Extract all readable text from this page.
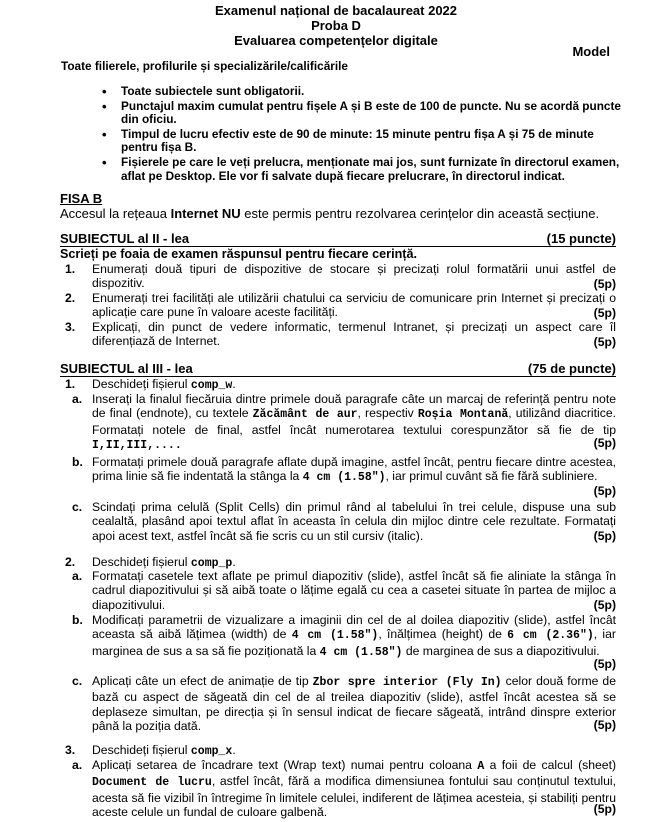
Examenul național de bacalaureat 2022
Proba D
Evaluarea competențelor digitale
Model
Toate filierele, profilurile și specializările/calificările
• Toate subiectele sunt obligatorii.
• Punctajul maxim cumulat pentru fișele A și B este de 100 de puncte. Nu se acordă puncte din oficiu.
• Timpul de lucru efectiv este de 90 de minute: 15 minute pentru fișa A și 75 de minute pentru fișa B.
• Fișierele pe care le veți prelucra, menționate mai jos, sunt furnizate în directorul examen, aflat pe Desktop. Ele vor fi salvate după fiecare prelucrare, în directorul indicat.
FISA B
Accesul la rețeaua Internet NU este permis pentru rezolvarea cerințelor din această secțiune.
SUBIECTUL al II - lea	(15 puncte)
Scrieți pe foaia de examen răspunsul pentru fiecare cerință.
1. Enumerați două tipuri de dispozitive de stocare și precizați rolul formatării unui astfel de dispozitiv.	(5p)
2. Enumerați trei facilități ale utilizării chatului ca serviciu de comunicare prin Internet și precizați o aplicație care pune în valoare aceste facilități.	(5p)
3. Explicați, din punct de vedere informatic, termenul Intranet, și precizați un aspect care îl diferențiază de Internet.	(5p)
SUBIECTUL al III - lea	(75 de puncte)
1. Deschideți fișierul comp_w.
a. Inserați la finalul fiecăruia dintre primele două paragrafe câte un marcaj de referință pentru note de final (endnote), cu textele Zăcământ de aur, respectiv Roșia Montană, utilizând diacritice. Formatați notele de final, astfel încât numerotarea textului corespunzător să fie de tip I,II,III,....	(5p)
b. Formatați primele două paragrafe aflate după imagine, astfel încât, pentru fiecare dintre acestea, prima linie să fie indentată la stânga la 4 cm (1.58″), iar primul cuvânt să fie fără subliniere.
(5p)
c. Scindați prima celulă (Split Cells) din primul rând al tabelului în trei celule, dispuse una sub cealaltă, plasând apoi textul aflat în aceasta în celula din mijloc dintre cele rezultate. Formatați apoi acest text, astfel încât să fie scris cu un stil cursiv (italic).	(5p)
2. Deschideți fișierul comp_p.
a. Formatați casetele text aflate pe primul diapozitiv (slide), astfel încât să fie aliniate la stânga în cadrul diapozitivului și să aibă toate o lățime egală cu cea a casetei situate în partea de mijloc a diapozitivului.	(5p)
b. Modificați parametrii de vizualizare a imaginii din cel de al doilea diapozitiv (slide), astfel încât aceasta să aibă lățimea (width) de 4 cm (1.58″), înălțimea (height) de 6 cm (2.36″), iar marginea de sus a sa să fie poziționată la 4 cm (1.58″) de marginea de sus a diapozitivului.
(5p)
c. Aplicați câte un efect de animație de tip Zbor spre interior (Fly In) celor două forme de bază cu aspect de săgeată din cel de al treilea diapozitiv (slide), astfel încât acestea să se deplaseze simultan, pe direcția și în sensul indicat de fiecare săgeată, intrând dinspre exterior până la poziția dată.	(5p)
3. Deschideți fișierul comp_x.
a. Aplicați setarea de încadrare text (Wrap text) numai pentru coloana A a foii de calcul (sheet) Document de lucru, astfel încât, fără a modifica dimensiunea fontului sau conținutul textului, acesta să fie vizibil în întregime în limitele celulei, indiferent de lățimea acesteia, și stabiliți pentru aceste celule un fundal de culoare galbenă.	(5p)
